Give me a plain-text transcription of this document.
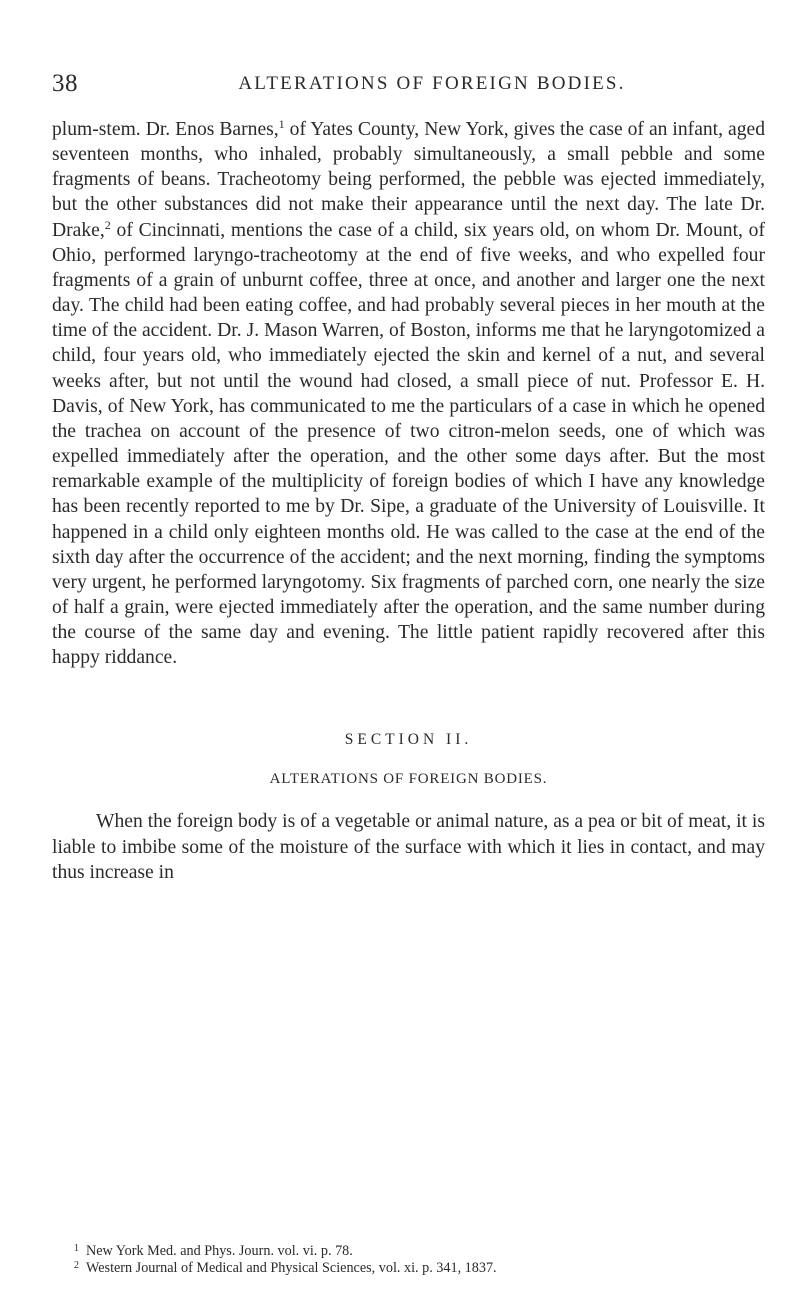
38	ALTERATIONS OF FOREIGN BODIES.

plum-stem. Dr. Enos Barnes,$^1$ of Yates County, New York, gives the case of an infant, aged seventeen months, who inhaled, probably simultaneously, a small pebble and some fragments of beans. Tracheotomy being performed, the pebble was ejected immediately, but the other substances did not make their appearance until the next day. The late Dr. Drake,$^2$ of Cincinnati, mentions the case of a child, six years old, on whom Dr. Mount, of Ohio, performed laryngo-tracheotomy at the end of five weeks, and who expelled four fragments of a grain of unburnt coffee, three at once, and another and larger one the next day. The child had been eating coffee, and had probably several pieces in her mouth at the time of the accident. Dr. J. Mason Warren, of Boston, informs me that he laryngotomized a child, four years old, who immediately ejected the skin and kernel of a nut, and several weeks after, but not until the wound had closed, a small piece of nut. Professor E. H. Davis, of New York, has communicated to me the particulars of a case in which he opened the trachea on account of the presence of two citron-melon seeds, one of which was expelled immediately after the operation, and the other some days after. But the most remarkable example of the multiplicity of foreign bodies of which I have any knowledge has been recently reported to me by Dr. Sipe, a graduate of the University of Louisville. It happened in a child only eighteen months old. He was called to the case at the end of the sixth day after the occurrence of the accident; and the next morning, finding the symptoms very urgent, he performed laryngotomy. Six fragments of parched corn, one nearly the size of half a grain, were ejected immediately after the operation, and the same number during the course of the same day and evening. The little patient rapidly recovered after this happy riddance.

SECTION II.
ALTERATIONS OF FOREIGN BODIES.

When the foreign body is of a vegetable or animal nature, as a pea or bit of meat, it is liable to imbibe some of the moisture of the surface with which it lies in contact, and may thus increase in

1 New York Med. and Phys. Journ. vol. vi. p. 78.
2 Western Journal of Medical and Physical Sciences, vol. xi. p. 341, 1837.
